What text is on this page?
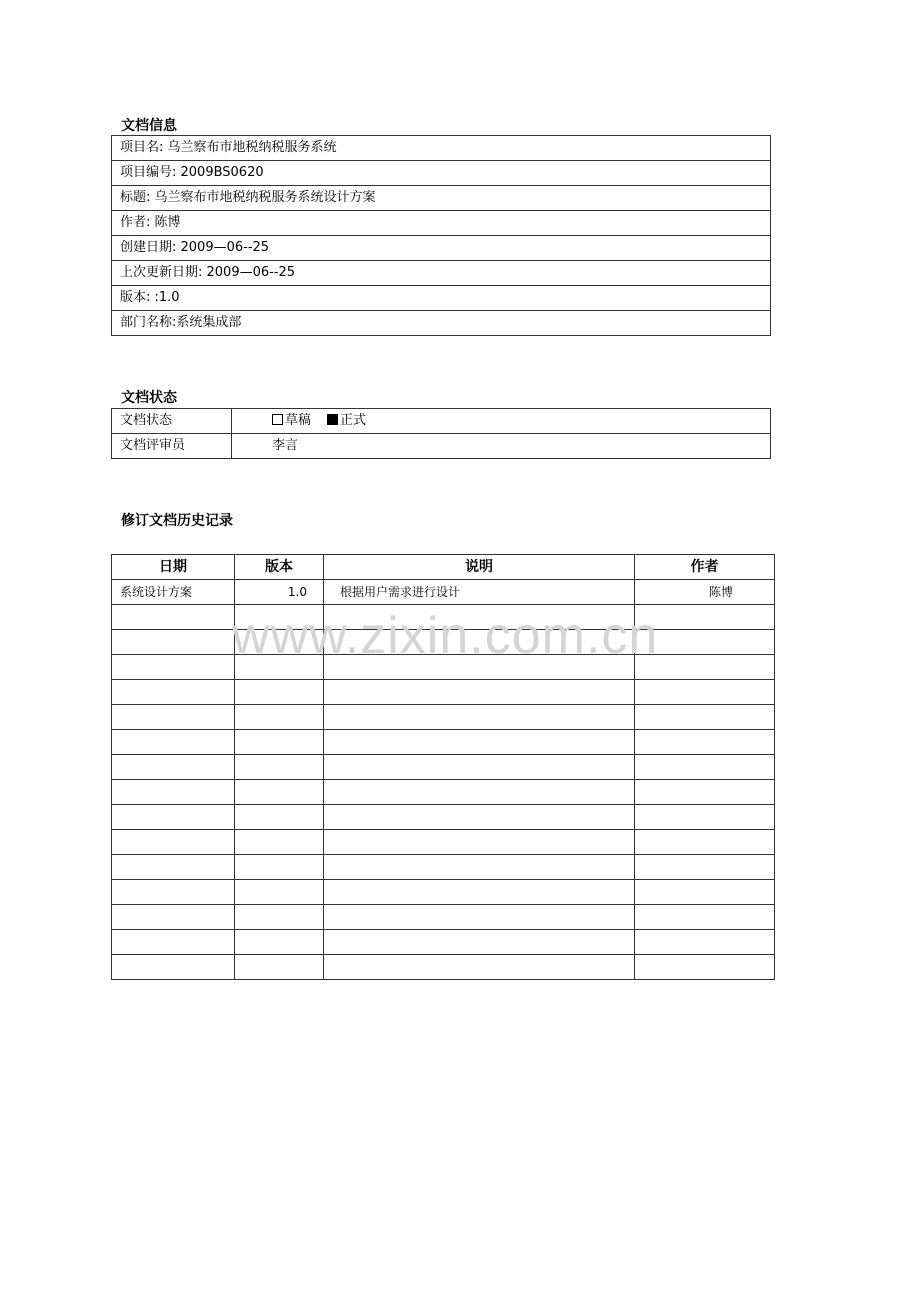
文档信息
项目名: 乌兰察布市地税纳税服务系统
项目编号: 2009BS0620
标题: 乌兰察布市地税纳税服务系统设计方案
作者: 陈博
创建日期: 2009—06--25
上次更新日期: 2009—06--25
版本: :1.0
部门名称:系统集成部
文档状态
文档状态	草稿 正式
文档评审员	李言
修订文档历史记录
日期	版本	说明	作者
系统设计方案	1.0	根据用户需求进行设计	陈博

www.zixin.com.cn
